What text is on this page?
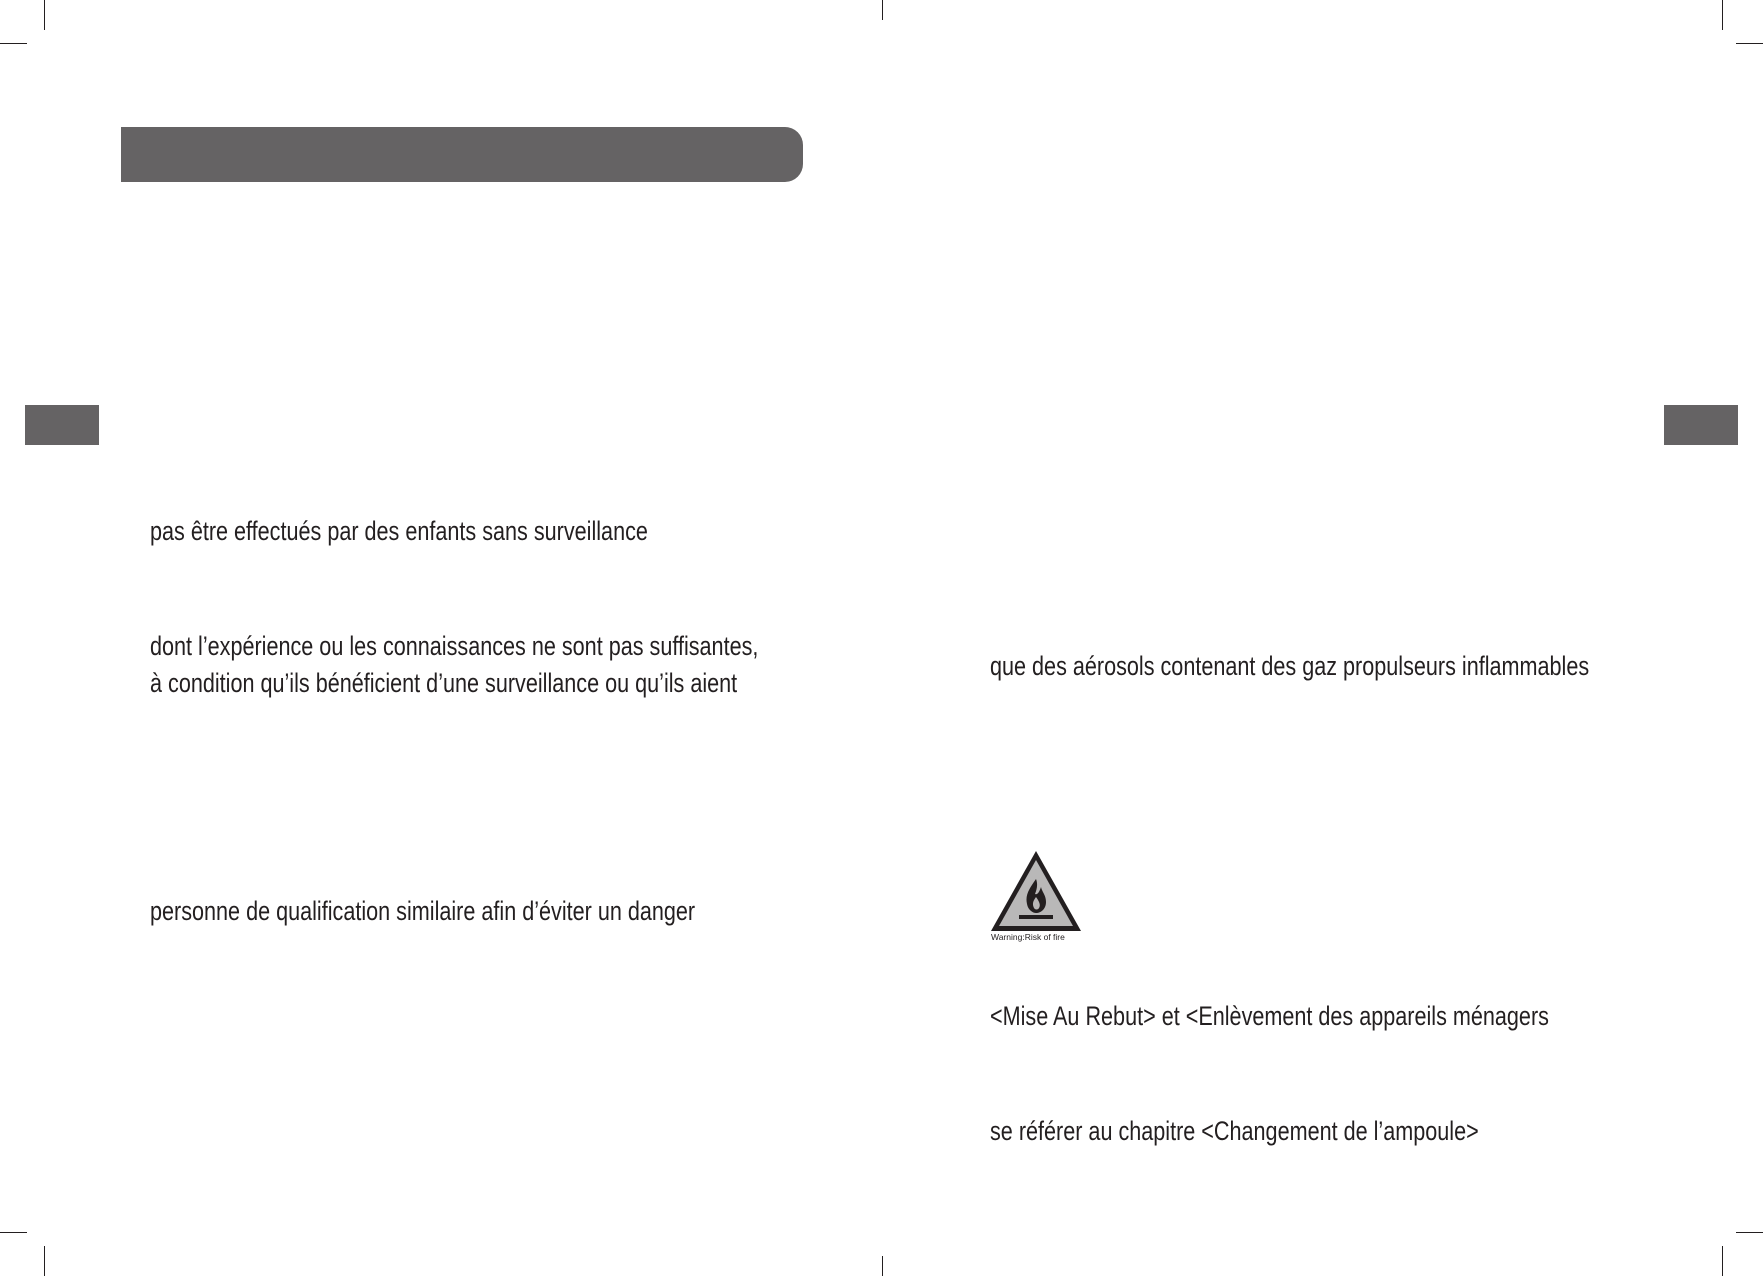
pas être effectués par des enfants sans surveillance
dont l’expérience ou les connaissances ne sont pas suffisantes,
à condition qu’ils bénéficient d’une surveillance ou qu’ils aient
personne de qualification similaire afin d’éviter un danger
que des aérosols contenant des gaz propulseurs inflammables
<Mise Au Rebut> et <Enlèvement des appareils ménagers
se référer au chapitre <Changement de l’ampoule>
Warning:Risk of fire
